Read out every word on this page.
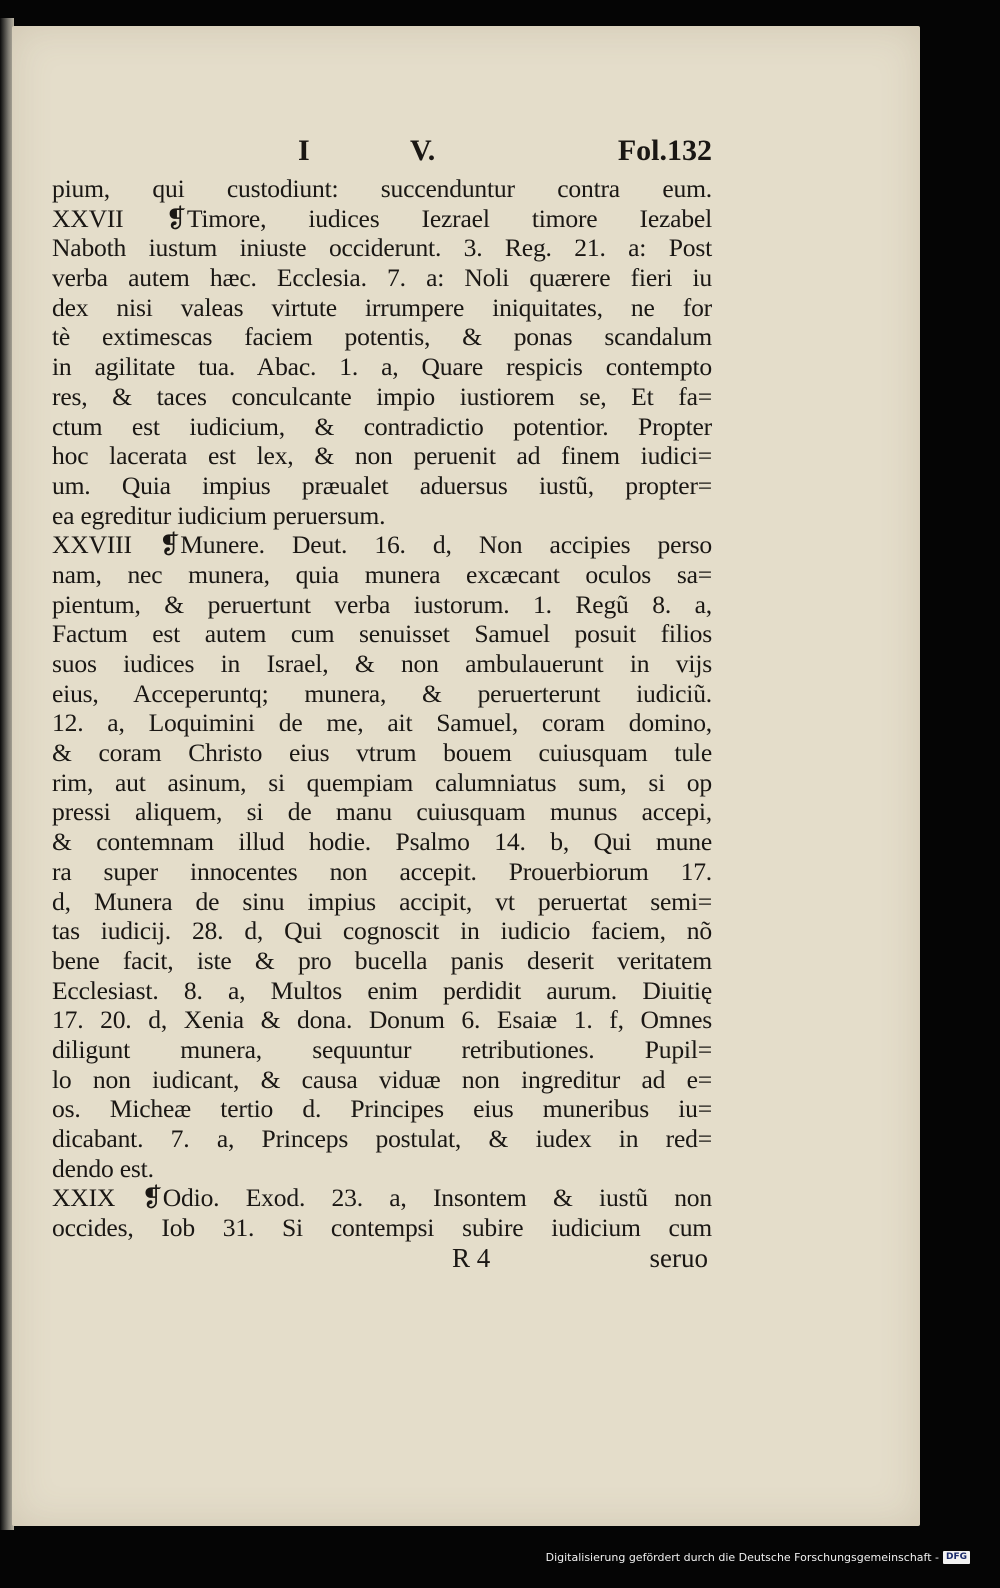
I	V.	Fol.132
pium, qui custodiunt: succenduntur contra eum.
XXVII ❡Timore, iudices Iezrael timore Iezabel
Naboth iustum iniuste occiderunt. 3. Reg. 21. a: Post
verba autem hæc. Ecclesia. 7. a: Noli quærere fieri iu
dex nisi valeas virtute irrumpere iniquitates, ne for
tè extimescas faciem potentis, & ponas scandalum
in agilitate tua. Abac. 1. a, Quare respicis contempto
res, & taces conculcante impio iustiorem se, Et fa=
ctum est iudicium, & contradictio potentior. Propter
hoc lacerata est lex, & non peruenit ad finem iudici=
um. Quia impius præualet aduersus iustũ, propter=
ea egreditur iudicium peruersum.
XXVIII ❡Munere. Deut. 16. d, Non accipies perso
nam, nec munera, quia munera excæcant oculos sa=
pientum, & peruertunt verba iustorum. 1. Regũ 8. a,
Factum est autem cum senuisset Samuel posuit filios
suos iudices in Israel, & non ambulauerunt in vijs
eius, Acceperuntq; munera, & peruerterunt iudiciũ.
12. a, Loquimini de me, ait Samuel, coram domino,
& coram Christo eius vtrum bouem cuiusquam tule
rim, aut asinum, si quempiam calumniatus sum, si op
pressi aliquem, si de manu cuiusquam munus accepi,
& contemnam illud hodie. Psalmo 14. b, Qui mune
ra super innocentes non accepit. Prouerbiorum 17.
d, Munera de sinu impius accipit, vt peruertat semi=
tas iudicij. 28. d, Qui cognoscit in iudicio faciem, nõ
bene facit, iste & pro bucella panis deserit veritatem
Ecclesiast. 8. a, Multos enim perdidit aurum. Diuitię
17. 20. d, Xenia & dona. Donum 6. Esaiæ 1. f, Omnes
diligunt munera, sequuntur retributiones. Pupil=
lo non iudicant, & causa viduæ non ingreditur ad e=
os. Micheæ tertio d. Principes eius muneribus iu=
dicabant. 7. a, Princeps postulat, & iudex in red=
dendo est.
XXIX ❡Odio. Exod. 23. a, Insontem & iustũ non
occides, Iob 31. Si contempsi subire iudicium cum
R 4	seruo
Digitalisierung gefördert durch die Deutsche Forschungsgemeinschaft - DFG
